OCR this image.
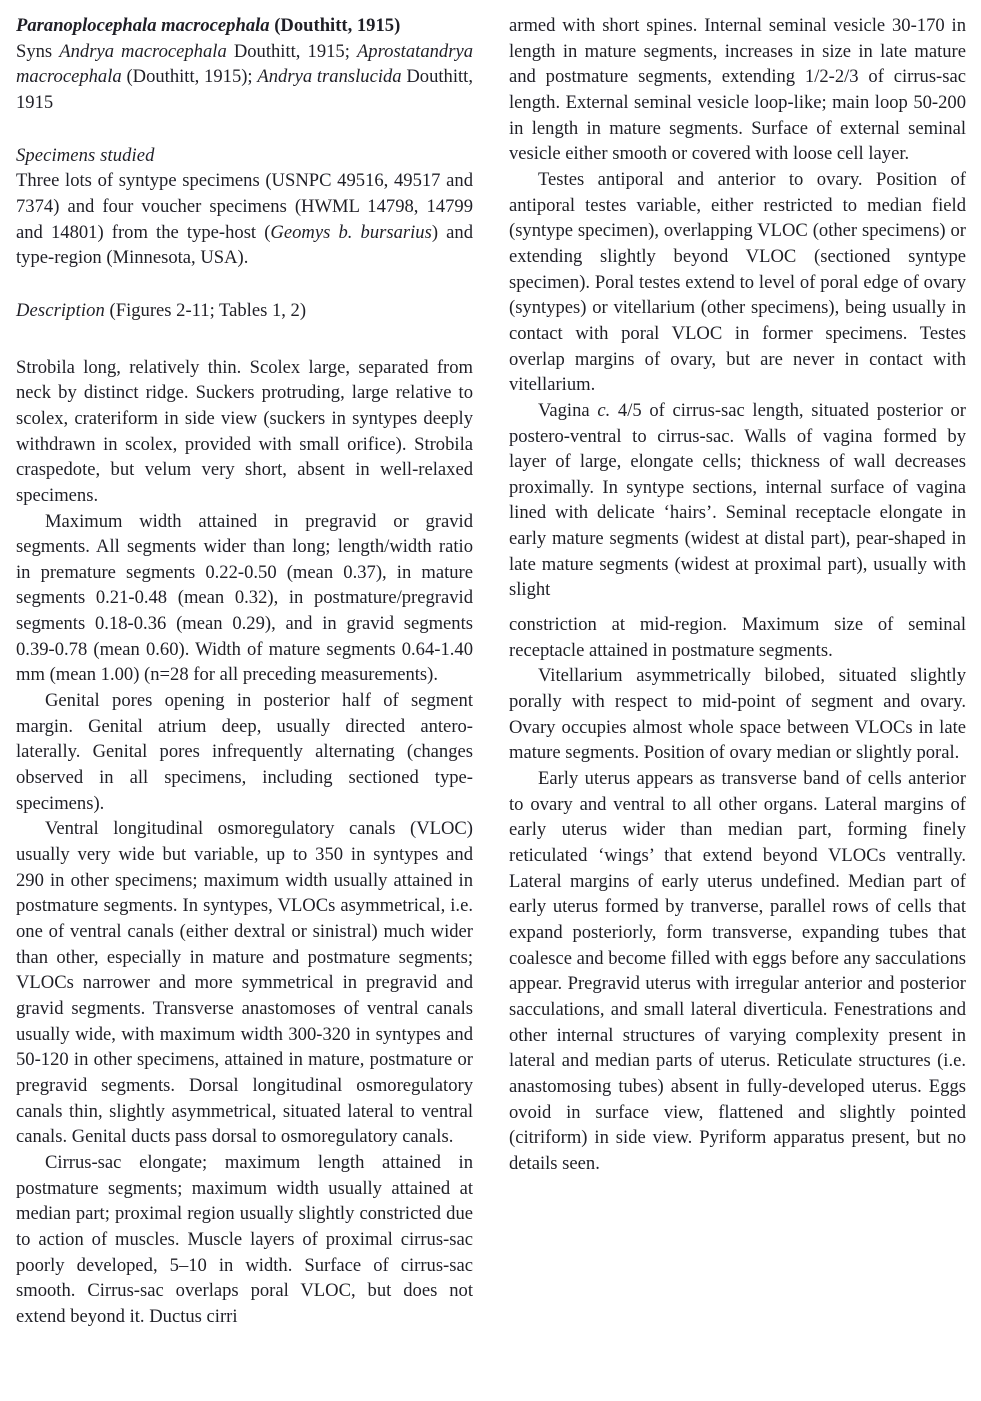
Paranoplocephala macrocephala (Douthitt, 1915)
Syns Andrya macrocephala Douthitt, 1915; Aprostatandrya macrocephala (Douthitt, 1915); Andrya translucida Douthitt, 1915
Specimens studied
Three lots of syntype specimens (USNPC 49516, 49517 and 7374) and four voucher specimens (HWML 14798, 14799 and 14801) from the type-host (Geomys b. bursarius) and type-region (Minnesota, USA).
Description (Figures 2-11; Tables 1, 2)
Strobila long, relatively thin. Scolex large, separated from neck by distinct ridge. Suckers protruding, large relative to scolex, crateriform in side view (suckers in syntypes deeply withdrawn in scolex, provided with small orifice). Strobila craspedote, but velum very short, absent in well-relaxed specimens.
Maximum width attained in pregravid or gravid segments. All segments wider than long; length/width ratio in premature segments 0.22-0.50 (mean 0.37), in mature segments 0.21-0.48 (mean 0.32), in postmature/pregravid segments 0.18-0.36 (mean 0.29), and in gravid segments 0.39-0.78 (mean 0.60). Width of mature segments 0.64-1.40 mm (mean 1.00) (n=28 for all preceding measurements).
Genital pores opening in posterior half of segment margin. Genital atrium deep, usually directed antero-laterally. Genital pores infrequently alternating (changes observed in all specimens, including sectioned type-specimens).
Ventral longitudinal osmoregulatory canals (VLOC) usually very wide but variable, up to 350 in syntypes and 290 in other specimens; maximum width usually attained in postmature segments. In syntypes, VLOCs asymmetrical, i.e. one of ventral canals (either dextral or sinistral) much wider than other, especially in mature and postmature segments; VLOCs narrower and more symmetrical in pregravid and gravid segments. Transverse anastomoses of ventral canals usually wide, with maximum width 300-320 in syntypes and 50-120 in other specimens, attained in mature, postmature or pregravid segments. Dorsal longitudinal osmoregulatory canals thin, slightly asymmetrical, situated lateral to ventral canals. Genital ducts pass dorsal to osmoregulatory canals.
Cirrus-sac elongate; maximum length attained in postmature segments; maximum width usually attained at median part; proximal region usually slightly constricted due to action of muscles. Muscle layers of proximal cirrus-sac poorly developed, 5–10 in width. Surface of cirrus-sac smooth. Cirrus-sac overlaps poral VLOC, but does not extend beyond it. Ductus cirri
armed with short spines. Internal seminal vesicle 30-170 in length in mature segments, increases in size in late mature and postmature segments, extending 1/2-2/3 of cirrus-sac length. External seminal vesicle loop-like; main loop 50-200 in length in mature segments. Surface of external seminal vesicle either smooth or covered with loose cell layer.
Testes antiporal and anterior to ovary. Position of antiporal testes variable, either restricted to median field (syntype specimen), overlapping VLOC (other specimens) or extending slightly beyond VLOC (sectioned syntype specimen). Poral testes extend to level of poral edge of ovary (syntypes) or vitellarium (other specimens), being usually in contact with poral VLOC in former specimens. Testes overlap margins of ovary, but are never in contact with vitellarium.
Vagina c. 4/5 of cirrus-sac length, situated posterior or postero-ventral to cirrus-sac. Walls of vagina formed by layer of large, elongate cells; thickness of wall decreases proximally. In syntype sections, internal surface of vagina lined with delicate ‘hairs’. Seminal receptacle elongate in early mature segments (widest at distal part), pear-shaped in late mature segments (widest at proximal part), usually with slight
constriction at mid-region. Maximum size of seminal receptacle attained in postmature segments.
Vitellarium asymmetrically bilobed, situated slightly porally with respect to mid-point of segment and ovary. Ovary occupies almost whole space between VLOCs in late mature segments. Position of ovary median or slightly poral.
Early uterus appears as transverse band of cells anterior to ovary and ventral to all other organs. Lateral margins of early uterus wider than median part, forming finely reticulated ‘wings’ that extend beyond VLOCs ventrally. Lateral margins of early uterus undefined. Median part of early uterus formed by tranverse, parallel rows of cells that expand posteriorly, form transverse, expanding tubes that coalesce and become filled with eggs before any sacculations appear. Pregravid uterus with irregular anterior and posterior sacculations, and small lateral diverticula. Fenestrations and other internal structures of varying complexity present in lateral and median parts of uterus. Reticulate structures (i.e. anastomosing tubes) absent in fully-developed uterus. Eggs ovoid in surface view, flattened and slightly pointed (citriform) in side view. Pyriform apparatus present, but no details seen.
